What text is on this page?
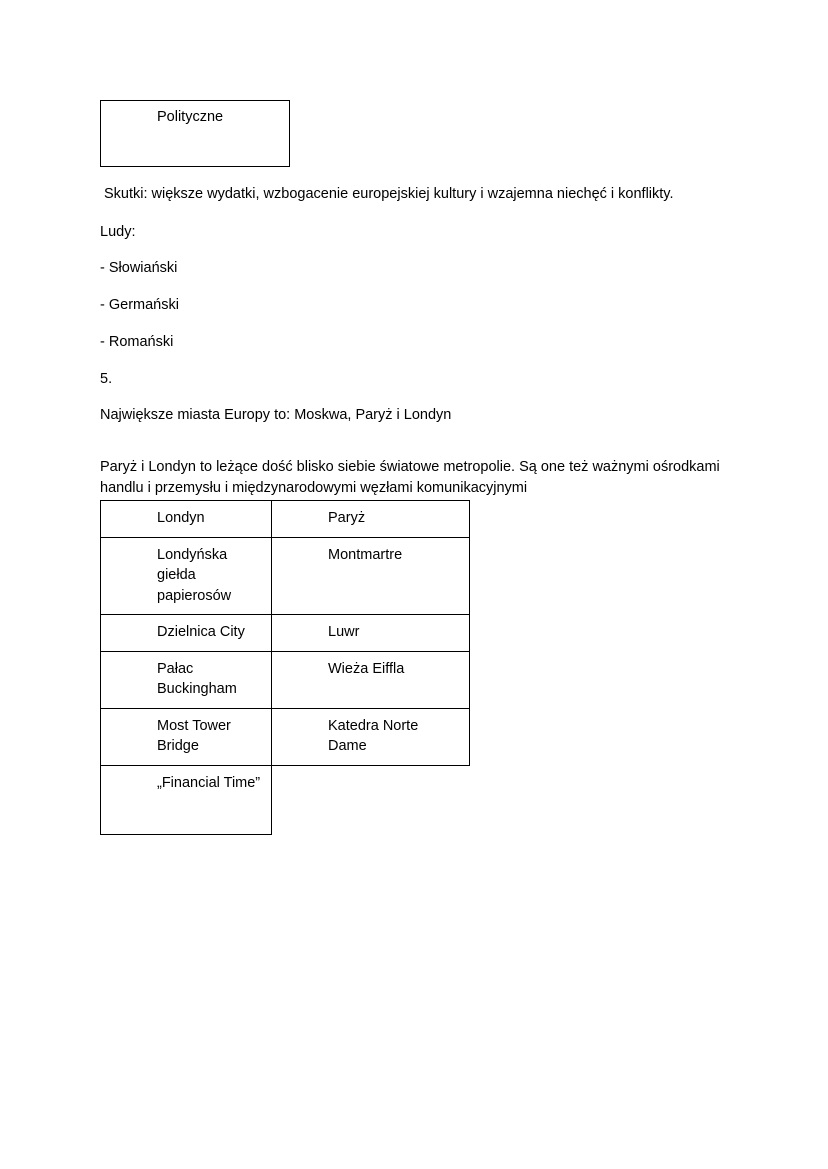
Polityczne

Skutki: większe wydatki, wzbogacenie europejskiej kultury i wzajemna niechęć i konflikty.

Ludy:

- Słowiański

- Germański

- Romański

5.

Największe miasta Europy to: Moskwa, Paryż i Londyn

Paryż i Londyn to leżące dość blisko siebie światowe metropolie. Są one też ważnymi ośrodkami handlu i przemysłu i międzynarodowymi węzłami komunikacyjnymi

Londyn	Paryż

Londyńska giełda papierosów	Montmartre

Dzielnica City	Luwr

Pałac Buckingham	Wieża Eiffla

Most Tower Bridge	Katedra Norte Dame

„Financial Time”	
